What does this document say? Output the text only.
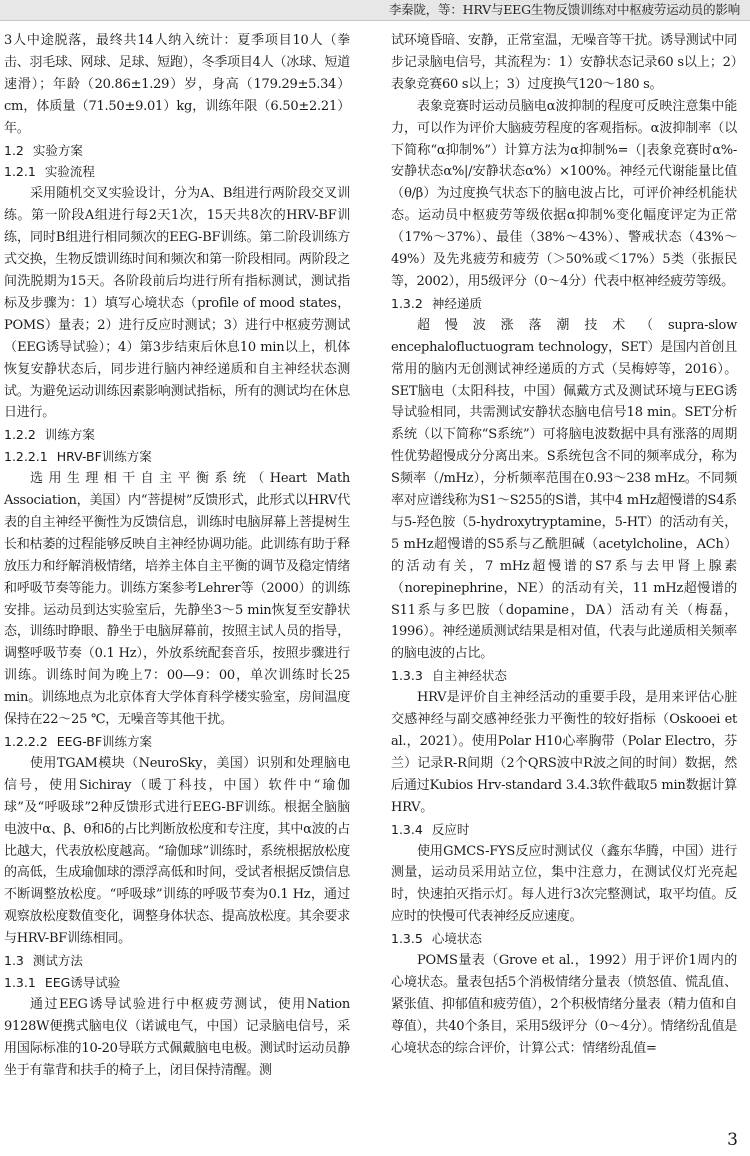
李秦陇，等：HRV与EEG生物反馈训练对中枢疲劳运动员的影响

3人中途脱落，最终共14人纳入统计：夏季项目10人（拳击、羽毛球、网球、足球、短跑），冬季项目4人（冰球、短道速滑）；年龄（20.86±1.29）岁，身高（179.29±5.34）cm，体质量（71.50±9.01）kg，训练年限（6.50±2.21）年。

1.2 实验方案
1.2.1 实验流程

采用随机交叉实验设计，分为A、B组进行两阶段交叉训练。第一阶段A组进行每2天1次，15天共8次的HRV-BF训练，同时B组进行相同频次的EEG-BF训练。第二阶段训练方式交换，生物反馈训练时间和频次和第一阶段相同。两阶段之间洗脱期为15天。各阶段前后均进行所有指标测试，测试指标及步骤为：1）填写心境状态（profile of mood states，POMS）量表；2）进行反应时测试；3）进行中枢疲劳测试（EEG诱导试验）；4）第3步结束后休息10 min以上，机体恢复安静状态后，同步进行脑内神经递质和自主神经状态测试。为避免运动训练因素影响测试指标，所有的测试均在休息日进行。

1.2.2 训练方案
1.2.2.1 HRV-BF训练方案

选用生理相干自主平衡系统（Heart Math Association，美国）内“菩提树”反馈形式，此形式以HRV代表的自主神经平衡性为反馈信息，训练时电脑屏幕上菩提树生长和枯萎的过程能够反映自主神经协调功能。此训练有助于释放压力和纾解消极情绪，培养主体自主平衡的调节及稳定情绪和呼吸节奏等能力。训练方案参考Lehrer等（2000）的训练安排。运动员到达实验室后，先静坐3～5 min恢复至安静状态，训练时睁眼、静坐于电脑屏幕前，按照主试人员的指导，调整呼吸节奏（0.1 Hz），外放系统配套音乐，按照步骤进行训练。训练时间为晚上7：00—9：00，单次训练时长25 min。训练地点为北京体育大学体育科学楼实验室，房间温度保持在22～25 ℃，无噪音等其他干扰。

1.2.2.2 EEG-BF训练方案

使用TGAM模块（NeuroSky，美国）识别和处理脑电信号，使用Sichiray（暖丁科技，中国）软件中“瑜伽球”及“呼吸球”2种反馈形式进行EEG-BF训练。根据全脑脑电波中α、β、θ和δ的占比判断放松度和专注度，其中α波的占比越大，代表放松度越高。“瑜伽球”训练时，系统根据放松度的高低，生成瑜伽球的漂浮高低和时间，受试者根据反馈信息不断调整放松度。“呼吸球”训练的呼吸节奏为0.1 Hz，通过观察放松度数值变化，调整身体状态、提高放松度。其余要求与HRV-BF训练相同。

1.3 测试方法
1.3.1 EEG诱导试验

通过EEG诱导试验进行中枢疲劳测试，使用Nation 9128W便携式脑电仪（诺诚电气，中国）记录脑电信号，采用国际标准的10-20导联方式佩戴脑电电极。测试时运动员静坐于有靠背和扶手的椅子上，闭目保持清醒。测

试环境昏暗、安静，正常室温，无噪音等干扰。诱导测试中同步记录脑电信号，其流程为：1）安静状态记录60 s以上；2）表象竞赛60 s以上；3）过度换气120～180 s。

表象竞赛时运动员脑电α波抑制的程度可反映注意集中能力，可以作为评价大脑疲劳程度的客观指标。α波抑制率（以下简称“α抑制%”）计算方法为α抑制%=（|表象竞赛时α%-安静状态α%|/安静状态α%）×100%。神经元代谢能量比值（θ/β）为过度换气状态下的脑电波占比，可评价神经机能状态。运动员中枢疲劳等级依据α抑制%变化幅度评定为正常（17%～37%）、最佳（38%～43%）、警戒状态（43%～49%）及先兆疲劳和疲劳（＞50%或＜17%）5类（张振民等，2002），用5级评分（0～4分）代表中枢神经疲劳等级。

1.3.2 神经递质

超慢波涨落潮技术（supra-slow encephalofluctuogram technology，SET）是国内首创且常用的脑内无创测试神经递质的方式（吴梅婷等，2016）。SET脑电（太阳科技，中国）佩戴方式及测试环境与EEG诱导试验相同，共需测试安静状态脑电信号18 min。SET分析系统（以下简称“S系统”）可将脑电波数据中具有涨落的周期性优势超慢成分分离出来。S系统包含不同的频率成分，称为S频率（/mHz），分析频率范围在0.93～238 mHz。不同频率对应谱线称为S1～S255的S谱，其中4 mHz超慢谱的S4系与5-羟色胺（5-hydroxytryptamine，5-HT）的活动有关，5 mHz超慢谱的S5系与乙酰胆碱（acetylcholine，ACh）的活动有关，7 mHz超慢谱的S7系与去甲肾上腺素（norepinephrine，NE）的活动有关，11 mHz超慢谱的S11系与多巴胺（dopamine，DA）活动有关（梅磊，1996）。神经递质测试结果是相对值，代表与此递质相关频率的脑电波的占比。

1.3.3 自主神经状态

HRV是评价自主神经活动的重要手段，是用来评估心脏交感神经与副交感神经张力平衡性的较好指标（Oskooei et al.，2021）。使用Polar H10心率胸带（Polar Electro，芬兰）记录R-R间期（2个QRS波中R波之间的时间）数据，然后通过Kubios Hrv-standard 3.4.3软件截取5 min数据计算HRV。

1.3.4 反应时

使用GMCS-FYS反应时测试仪（鑫东华腾，中国）进行测量，运动员采用站立位，集中注意力，在测试仪灯光亮起时，快速拍灭指示灯。每人进行3次完整测试，取平均值。反应时的快慢可代表神经反应速度。

1.3.5 心境状态

POMS量表（Grove et al.，1992）用于评价1周内的心境状态。量表包括5个消极情绪分量表（愤怒值、慌乱值、紧张值、抑郁值和疲劳值），2个积极情绪分量表（精力值和自尊值），共40个条目，采用5级评分（0～4分）。情绪纷乱值是心境状态的综合评价，计算公式：情绪纷乱值=

3
